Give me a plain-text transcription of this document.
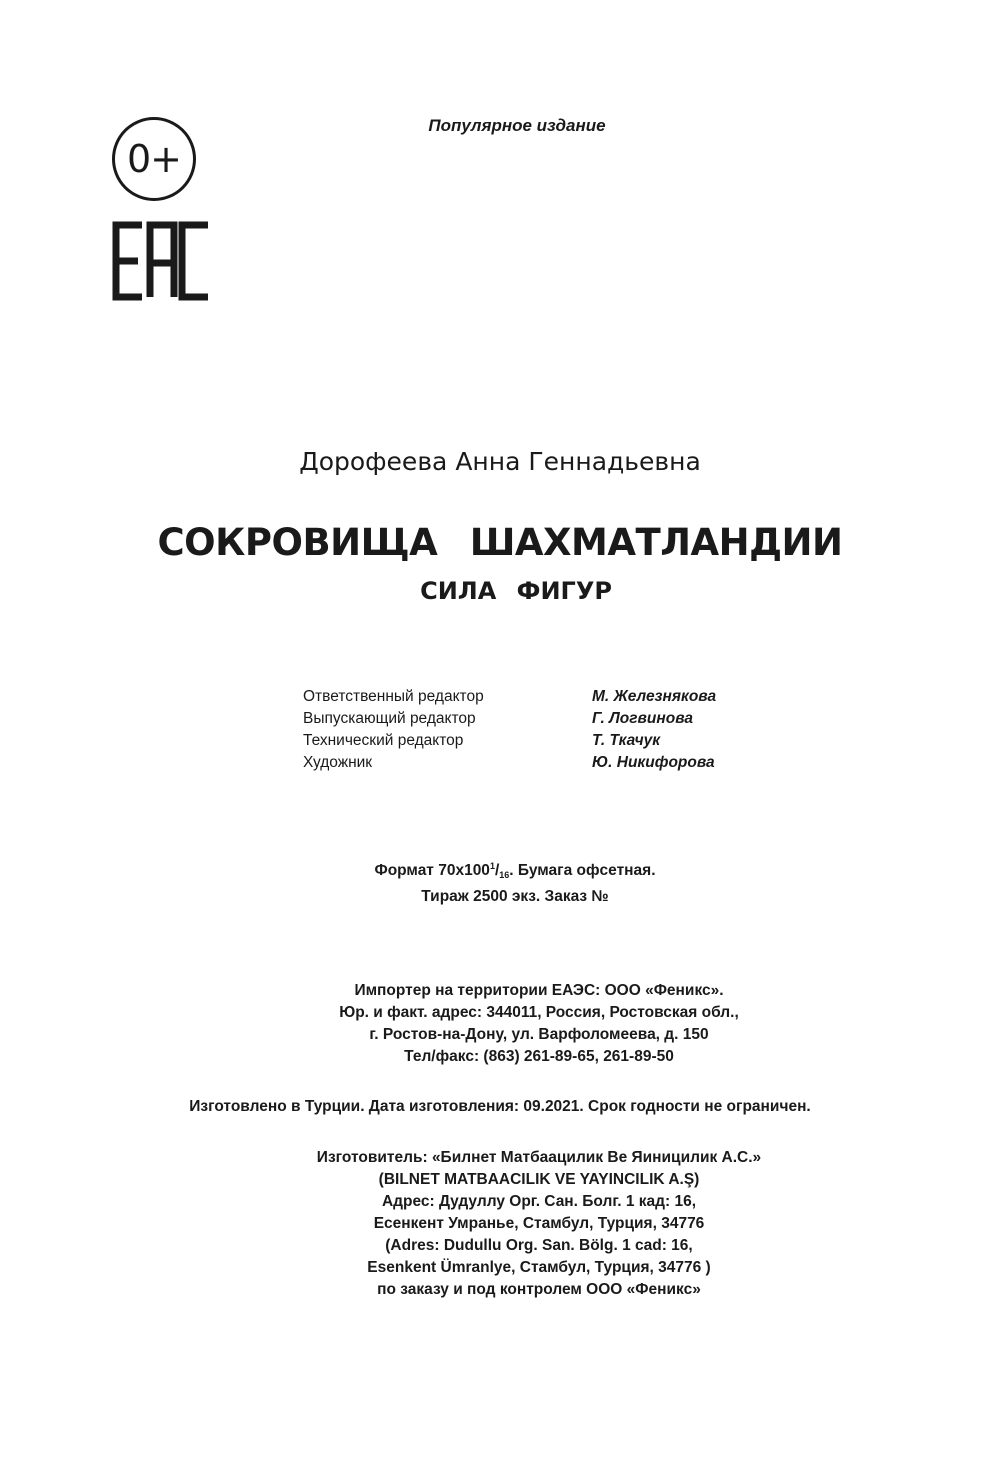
0+
Популярное издание
Дорофеева Анна Геннадьевна
СОКРОВИЩА ШАХМАТЛАНДИИ
СИЛА ФИГУР
Ответственный редактор	М. Железнякова
Выпускающий редактор	Г. Логвинова
Технический редактор	Т. Ткачук
Художник	Ю. Никифорова

Формат $70x100^1/_{16}$. Бумага офсетная.

Тираж 2500 экз. Заказ №

Импортер на территории ЕАЭС: ООО «Феникс».

Юр. и факт. адрес: 344011, Россия, Ростовская обл.,

г. Ростов-на-Дону, ул. Варфоломеева, д. 150

Тел/факс: (863) 261-89-65, 261-89-50

Изготовлено в Турции. Дата изготовления: 09.2021. Срок годности не ограничен.

Изготовитель: «Билнет Матбаацилик Ве Яиницилик А.С.»

(BILNET MATBAACILIK VE YAYINCILIK A.Ş)

Адрес: Дудуллу Орг. Сан. Болг. 1 кад: 16,

Есенкент Умранье, Стамбул, Турция, 34776

(Adres: Dudullu Org. San. Bölg. 1 cad: 16,

Esenkent Ümranlye, Стамбул, Турция, 34776 )

по заказу и под контролем ООО «Феникс»
